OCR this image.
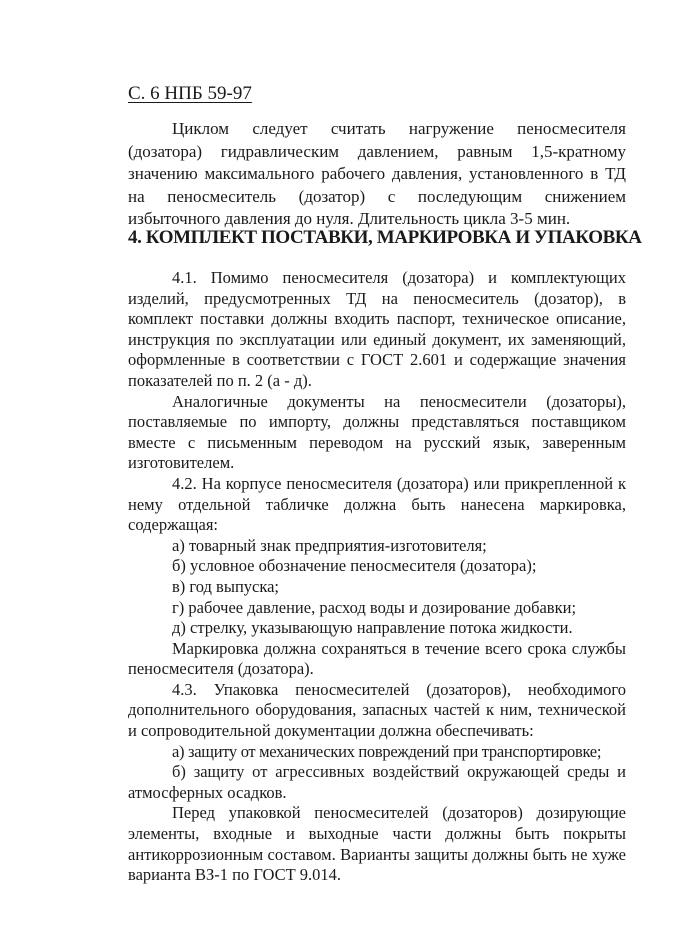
С. 6 НПБ 59-97
Циклом следует считать нагружение пеносмесителя (дозатора) гидравлическим давлением, равным 1,5-кратному значению максимального рабочего давления, установленного в ТД на пеносмеситель (дозатор) с последующим снижением избыточного давления до нуля. Длительность цикла 3-5 мин.
4. КОМПЛЕКТ ПОСТАВКИ, МАРКИРОВКА И УПАКОВКА

4.1. Помимо пеносмесителя (дозатора) и комплектующих изделий, предусмотренных ТД на пеносмеситель (дозатор), в комплект поставки должны входить паспорт, техническое описание, инструкция по эксплуатации или единый документ, их заменяющий, оформленные в соответствии с ГОСТ 2.601 и содержащие значения показателей по п. 2 (а - д).

Аналогичные документы на пеносмесители (дозаторы), поставляемые по импорту, должны представляться поставщиком вместе с письменным переводом на русский язык, заверенным изготовителем.

4.2. На корпусе пеносмесителя (дозатора) или прикрепленной к нему отдельной табличке должна быть нанесена маркировка, содержащая:

а) товарный знак предприятия-изготовителя;

б) условное обозначение пеносмесителя (дозатора);

в) год выпуска;

г) рабочее давление, расход воды и дозирование добавки;

д) стрелку, указывающую направление потока жидкости.

Маркировка должна сохраняться в течение всего срока службы пеносмесителя (дозатора).

4.3. Упаковка пеносмесителей (дозаторов), необходимого дополнительного оборудования, запасных частей к ним, технической и сопроводительной документации должна обеспечивать:

а) защиту от механических повреждений при транспортировке;

б) защиту от агрессивных воздействий окружающей среды и атмосферных осадков.

Перед упаковкой пеносмесителей (дозаторов) дозирующие элементы, входные и выходные части должны быть покрыты антикоррозионным составом. Варианты защиты должны быть не хуже варианта ВЗ-1 по ГОСТ 9.014.
